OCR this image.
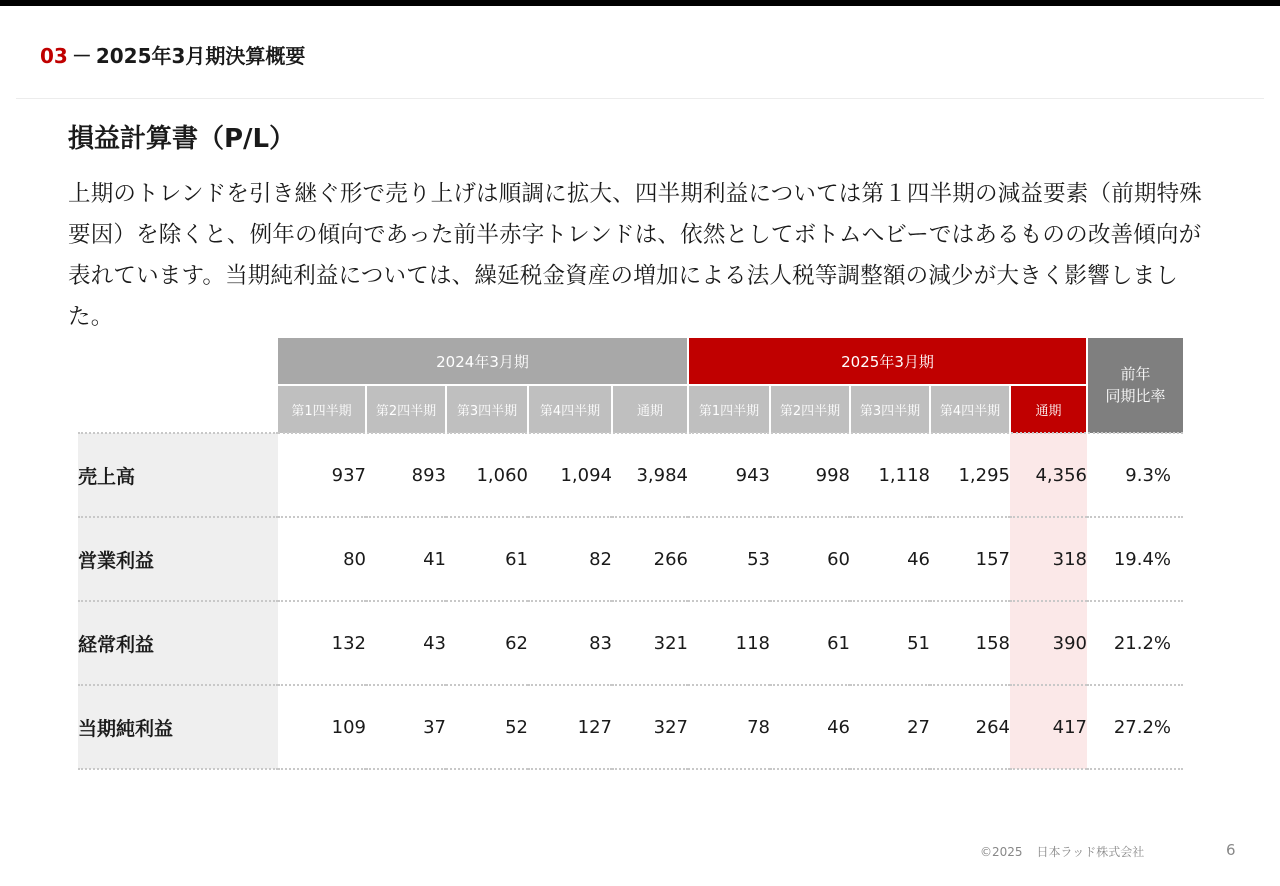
03 － 2025年3月期決算概要
損益計算書（P/L）
上期のトレンドを引き継ぐ形で売り上げは順調に拡大、四半期利益については第１四半期の減益要素（前期特殊要因）を除くと、例年の傾向であった前半赤字トレンドは、依然としてボトムへビーではあるものの改善傾向が表れています。当期純利益については、繰延税金資産の増加による法人税等調整額の減少が大きく影響しました。
	2024年3月期					2025年3月期					前年
同期比率

	第1四半期	第2四半期	第3四半期	第4四半期	通期	第1四半期	第2四半期	第3四半期	第4四半期	通期	
売上高	937	893	1,060	1,094	3,984	943	998	1,118	1,295	4,356	9.3%
営業利益	80	41	61	82	266	53	60	46	157	318	19.4%
経常利益	132	43	62	83	321	118	61	51	158	390	21.2%
当期純利益	109	37	52	127	327	78	46	27	264	417	27.2%
©2025 日本ラッド株式会社	6
